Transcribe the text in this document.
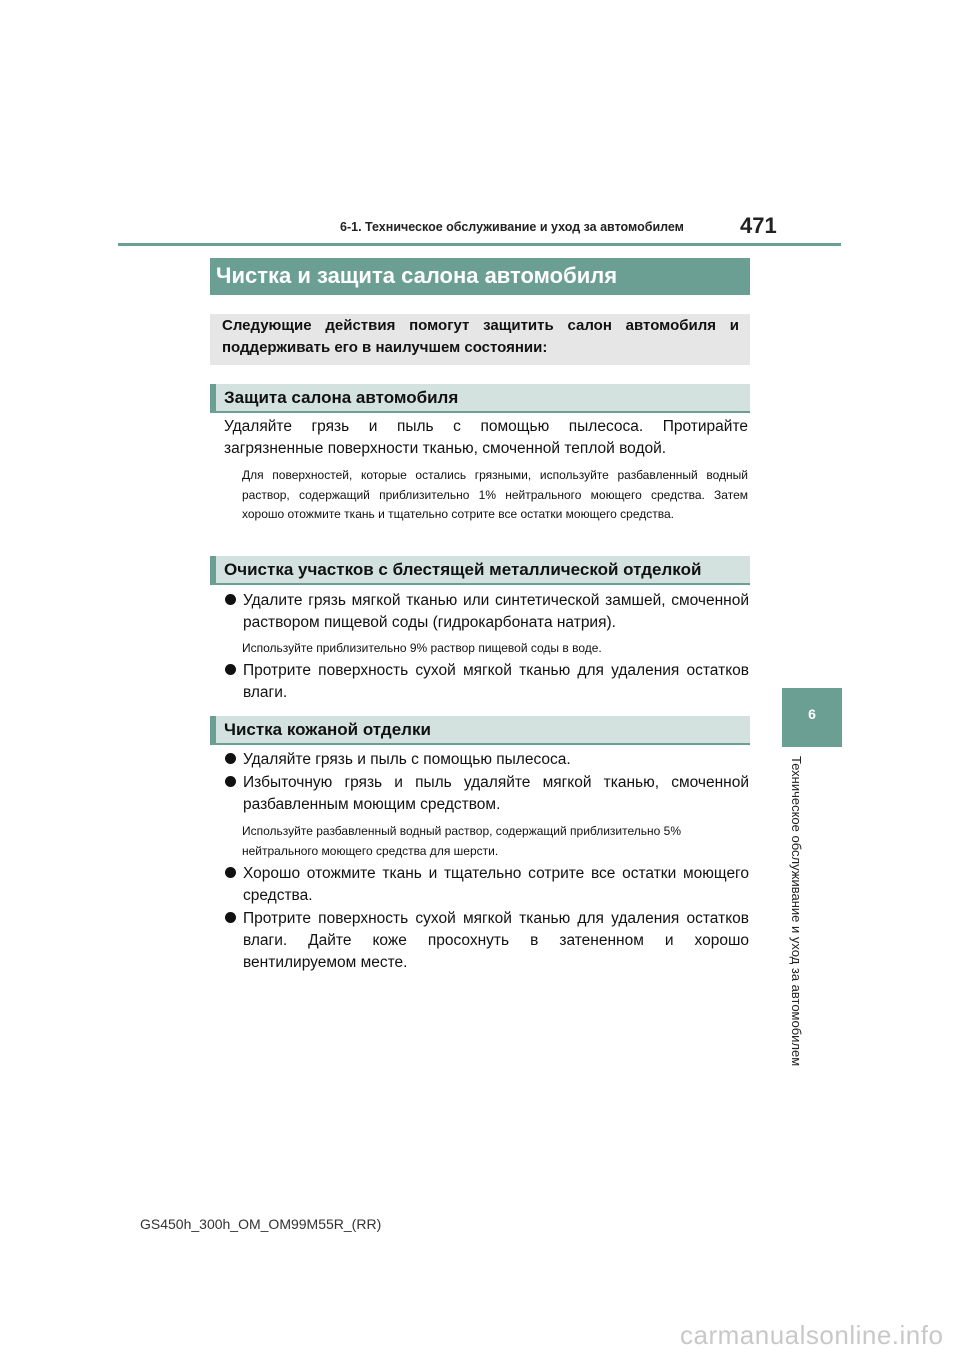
6-1. Техническое обслуживание и уход за автомобилем	471
6
Техническое обслуживание и уход за автомобилем
Чистка и защита салона автомобиля
Следующие действия помогут защитить салон автомобиля и
поддерживать его в наилучшем состоянии:
Защита салона автомобиля
Удаляйте грязь и пыль с помощью пылесоса. Протирайте
загрязненные поверхности тканью, смоченной теплой водой.
Для поверхностей, которые остались грязными, используйте разбавленный водный раствор, содержащий приблизительно 1% нейтрального моющего средства. Затем хорошо отожмите ткань и тщательно сотрите все остатки моющего средства.
Очистка участков с блестящей металлической отделкой
Удалите грязь мягкой тканью или синтетической замшей, смоченной раствором пищевой соды (гидрокарбоната натрия).
Используйте приблизительно 9% раствор пищевой соды в воде.
Протрите поверхность сухой мягкой тканью для удаления остатков влаги.
Чистка кожаной отделки
Удаляйте грязь и пыль с помощью пылесоса.
Избыточную грязь и пыль удаляйте мягкой тканью, смоченной разбавленным моющим средством.
Используйте разбавленный водный раствор, содержащий приблизительно 5% нейтрального моющего средства для шерсти.
Хорошо отожмите ткань и тщательно сотрите все остатки моющего средства.
Протрите поверхность сухой мягкой тканью для удаления остатков влаги. Дайте коже просохнуть в затененном и хорошо вентилируемом месте.
GS450h_300h_OM_OM99M55R_(RR)
carmanualsonline.info
